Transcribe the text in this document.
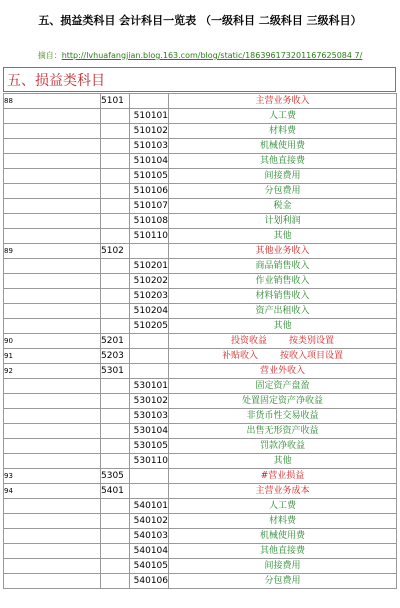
五、损益类科目 会计科目一览表 （一级科目 二级科目 三级科目）
摘自：http://lvhuafangjian.blog.163.com/blog/static/186396173201167625084 7/
五、损益类科目
88	5101		主营业务收入
		510101	人工费
		510102	材料费
		510103	机械使用费
		510104	其他直接费
		510105	间接费用
		510106	分包费用
		510107	税金
		510108	计划利润
		510110	其他
89	5102		其他业务收入
		510201	商品销售收入
		510202	作业销售收入
		510203	材料销售收入
		510204	资产出租收入
		510205	其他
90	5201		投资收益 按类别设置
91	5203		补贴收入 按收入项目设置
92	5301		营业外收入
		530101	固定资产盘盈
		530102	处置固定资产净收益
		530103	非货币性交易收益
		530104	出售无形资产收益
		530105	罚款净收益
		530110	其他
93	5305		#营业损益
94	5401		主营业务成本
		540101	人工费
		540102	材料费
		540103	机械使用费
		540104	其他直接费
		540105	间接费用
		540106	分包费用
